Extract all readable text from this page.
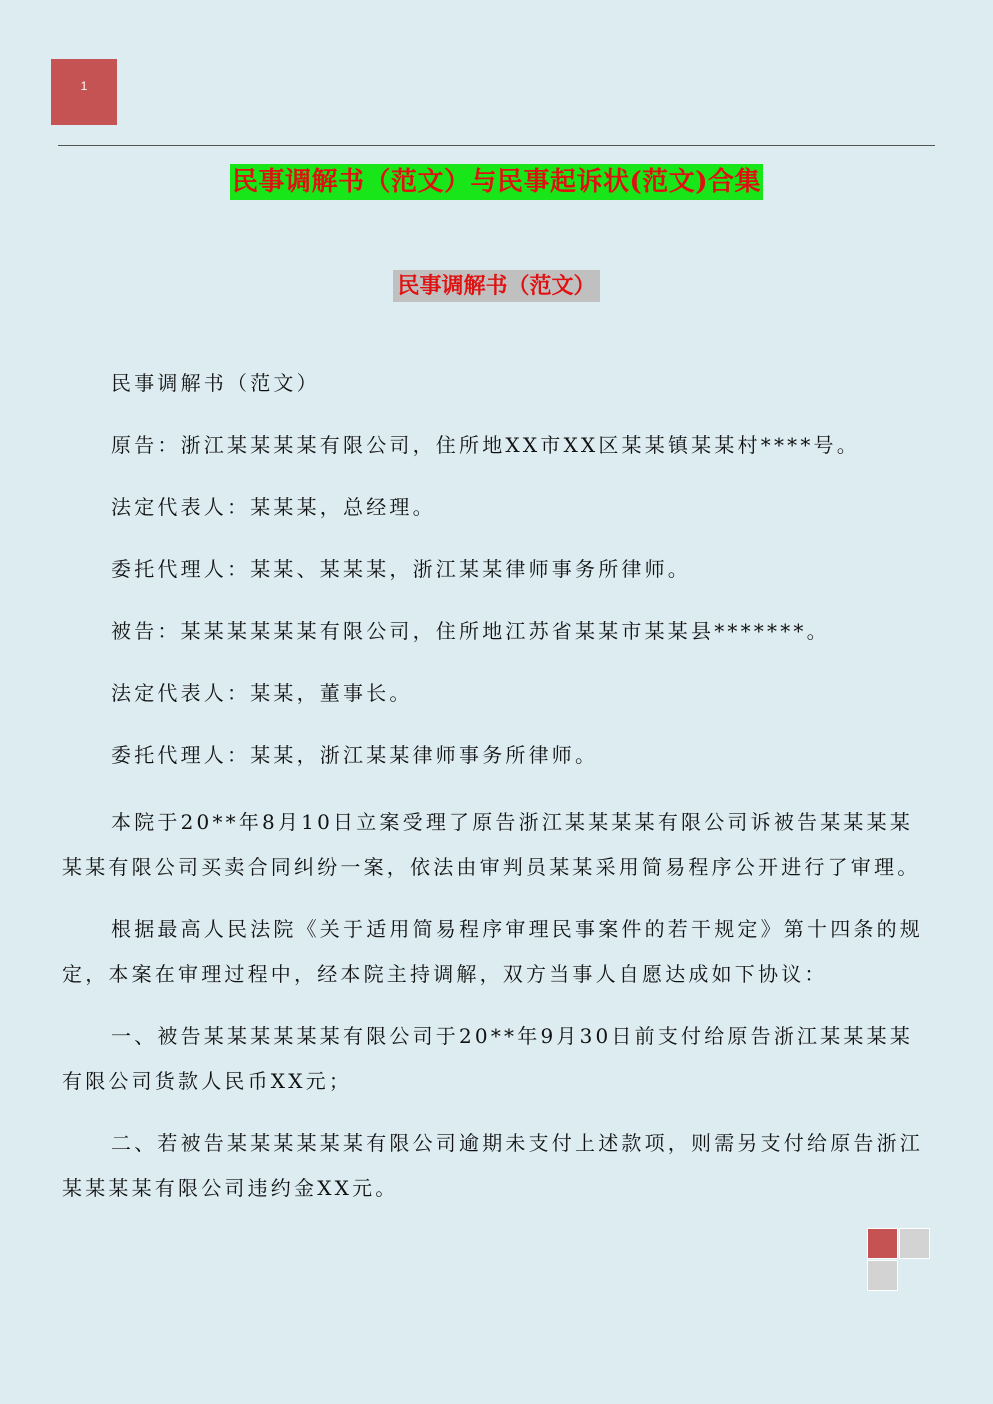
1
民事调解书（范文）与民事起诉状(范文)合集
民事调解书（范文）

民事调解书（范文）

原告：浙江某某某某有限公司，住所地XX市XX区某某镇某某村****号。

法定代表人：某某某，总经理。

委托代理人：某某、某某某，浙江某某律师事务所律师。

被告：某某某某某某有限公司，住所地江苏省某某市某某县*******。

法定代表人：某某，董事长。

委托代理人：某某，浙江某某律师事务所律师。

本院于20**年8月10日立案受理了原告浙江某某某某有限公司诉被告某某某某某某有限公司买卖合同纠纷一案，依法由审判员某某采用简易程序公开进行了审理。

根据最高人民法院《关于适用简易程序审理民事案件的若干规定》第十四条的规定，本案在审理过程中，经本院主持调解，双方当事人自愿达成如下协议：

一、被告某某某某某某有限公司于20**年9月30日前支付给原告浙江某某某某有限公司货款人民币XX元；

二、若被告某某某某某某有限公司逾期未支付上述款项，则需另支付给原告浙江某某某某有限公司违约金XX元。
